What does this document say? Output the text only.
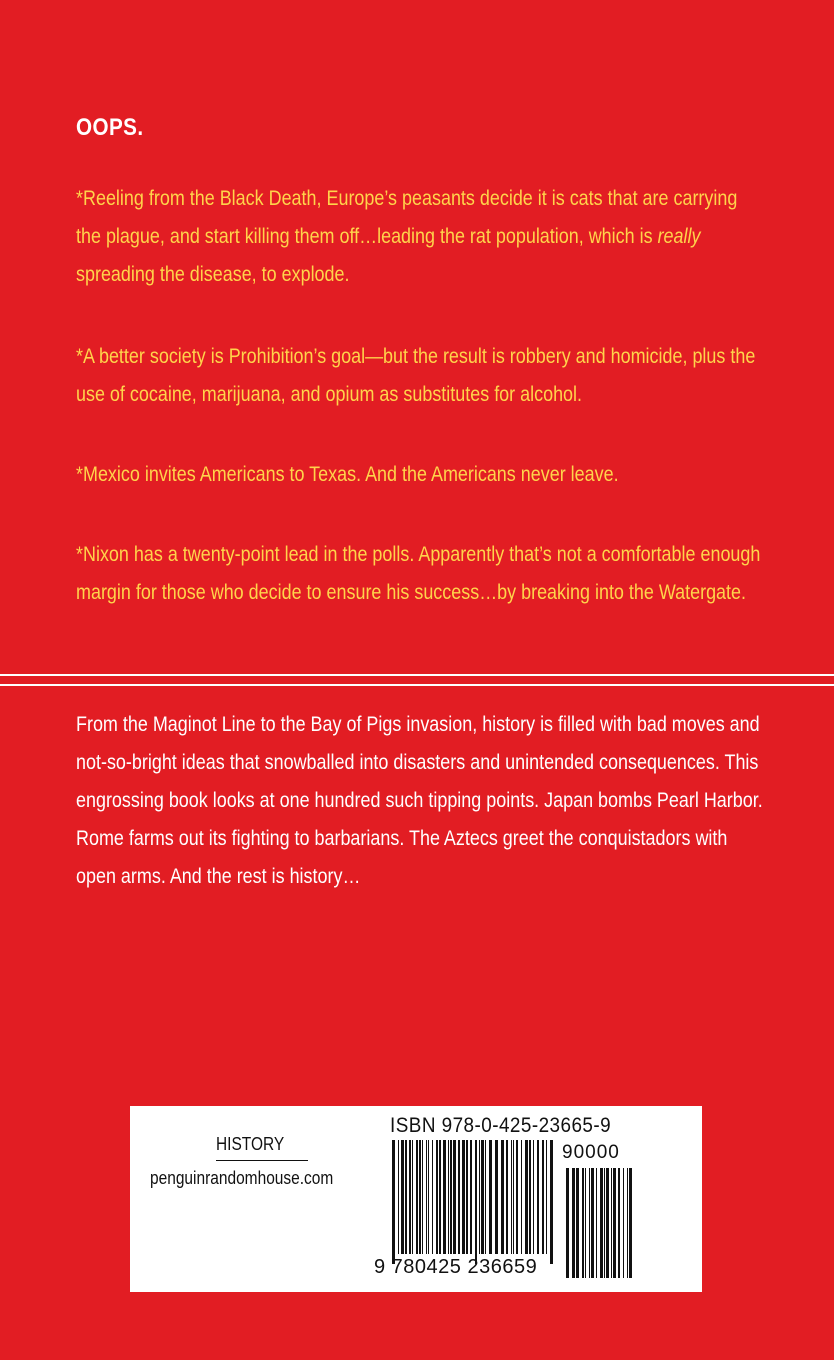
OOPS.

*Reeling from the Black Death, Europe’s peasants decide it is cats that are carrying the plague, and start killing them off…leading the rat population, which is really spreading the disease, to explode.

*A better society is Prohibition’s goal—but the result is robbery and homicide, plus the use of cocaine, marijuana, and opium as substitutes for alcohol.

*Mexico invites Americans to Texas. And the Americans never leave.

*Nixon has a twenty-point lead in the polls. Apparently that’s not a comfortable enough margin for those who decide to ensure his success…by breaking into the Watergate.

From the Maginot Line to the Bay of Pigs invasion, history is filled with bad moves and not-so-bright ideas that snowballed into disasters and unintended consequences. This engrossing book looks at one hundred such tipping points. Japan bombs Pearl Harbor. Rome farms out its fighting to barbarians. The Aztecs greet the conquistadors with open arms. And the rest is history…

HISTORY
penguinrandomhouse.com
ISBN 978-0-425-23665-9
90000
9 780425 236659
